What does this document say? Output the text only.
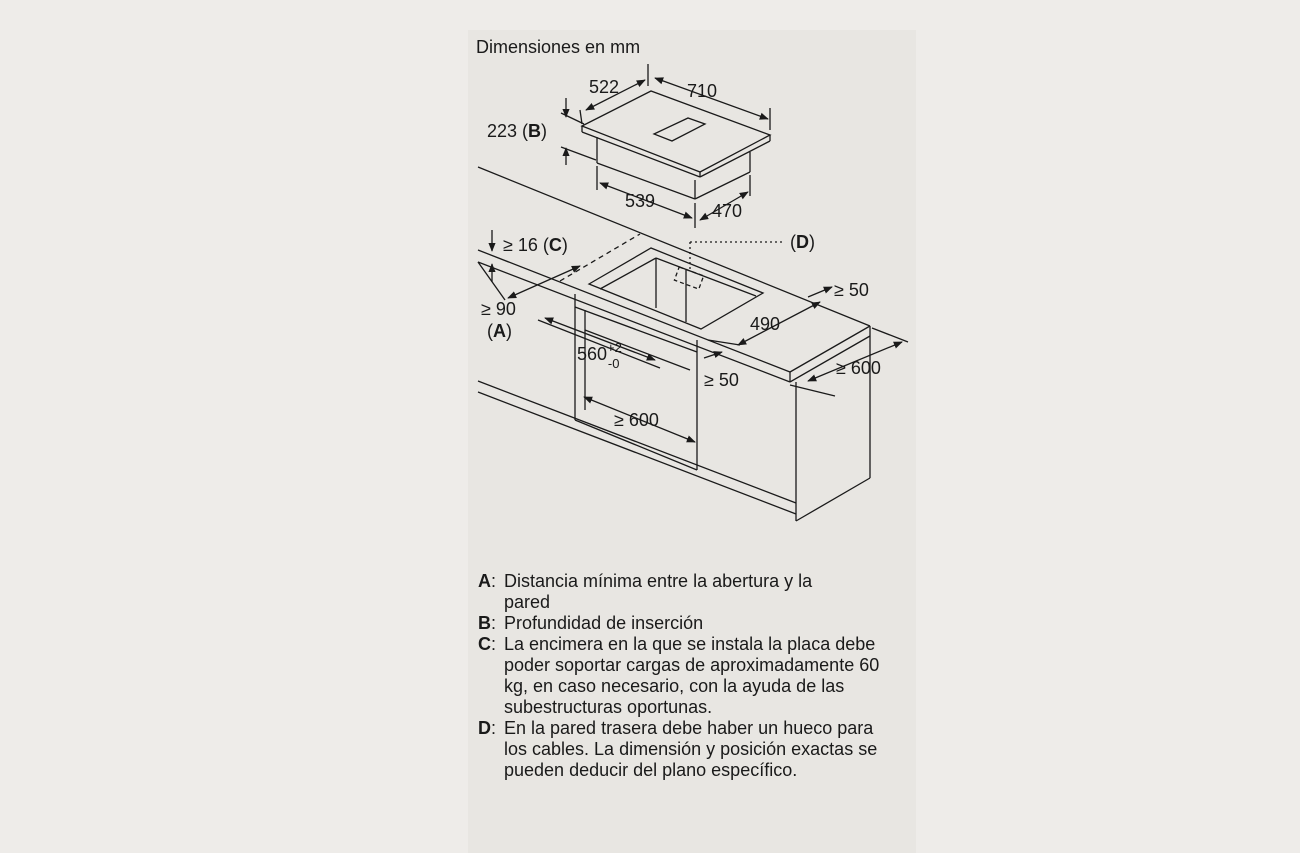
Dimensiones en mm
522	710
223 (B)
539	470
≥ 16 (C)	(D)
≥ 50
≥ 90
(A)	490
$560^{+2}$ -0
≥ 50
≥ 600
≥ 600
A: Distancia mínima entre la abertura y la pared
B: Profundidad de inserción
C: La encimera en la que se instala la placa debe poder soportar cargas de aproximadamente 60 kg, en caso necesario, con la ayuda de las subestructuras oportunas.
D: En la pared trasera debe haber un hueco para los cables. La dimensión y posición exactas se pueden deducir del plano específico.
